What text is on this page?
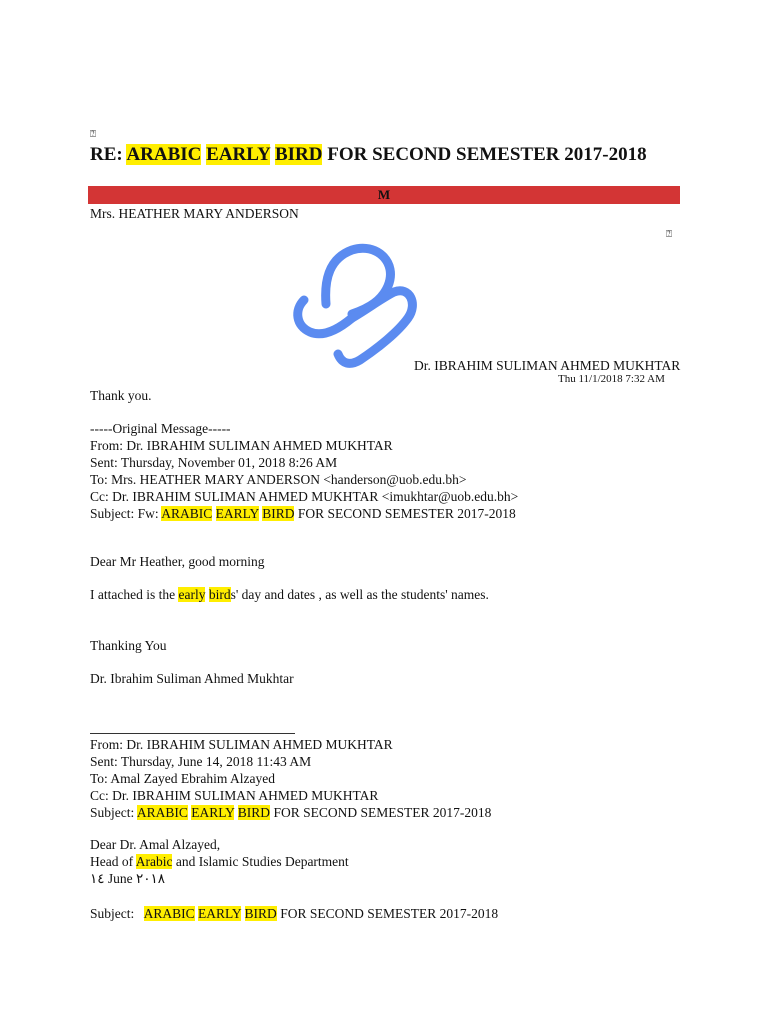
⍰
RE: ARABIC EARLY BIRD FOR SECOND SEMESTER 2017-2018
M
Mrs. HEATHER MARY ANDERSON
⍰
Dr. IBRAHIM SULIMAN AHMED MUKHTAR
Thu 11/1/2018 7:32 AM
Thank you.
-----Original Message-----
From: Dr. IBRAHIM SULIMAN AHMED MUKHTAR
Sent: Thursday, November 01, 2018 8:26 AM
To: Mrs. HEATHER MARY ANDERSON <handerson@uob.edu.bh>
Cc: Dr. IBRAHIM SULIMAN AHMED MUKHTAR <imukhtar@uob.edu.bh>
Subject: Fw: ARABIC EARLY BIRD FOR SECOND SEMESTER 2017-2018
Dear Mr Heather, good morning
I attached is the early birds' day and dates , as well as the students' names.
Thanking You
Dr. Ibrahim Suliman Ahmed Mukhtar
From: Dr. IBRAHIM SULIMAN AHMED MUKHTAR
Sent: Thursday, June 14, 2018 11:43 AM
To: Amal Zayed Ebrahim Alzayed
Cc: Dr. IBRAHIM SULIMAN AHMED MUKHTAR
Subject: ARABIC EARLY BIRD FOR SECOND SEMESTER 2017-2018
Dear Dr. Amal Alzayed,
Head of Arabic and Islamic Studies Department
١٤ June ٢٠١٨
Subject:   ARABIC EARLY BIRD FOR SECOND SEMESTER 2017-2018
